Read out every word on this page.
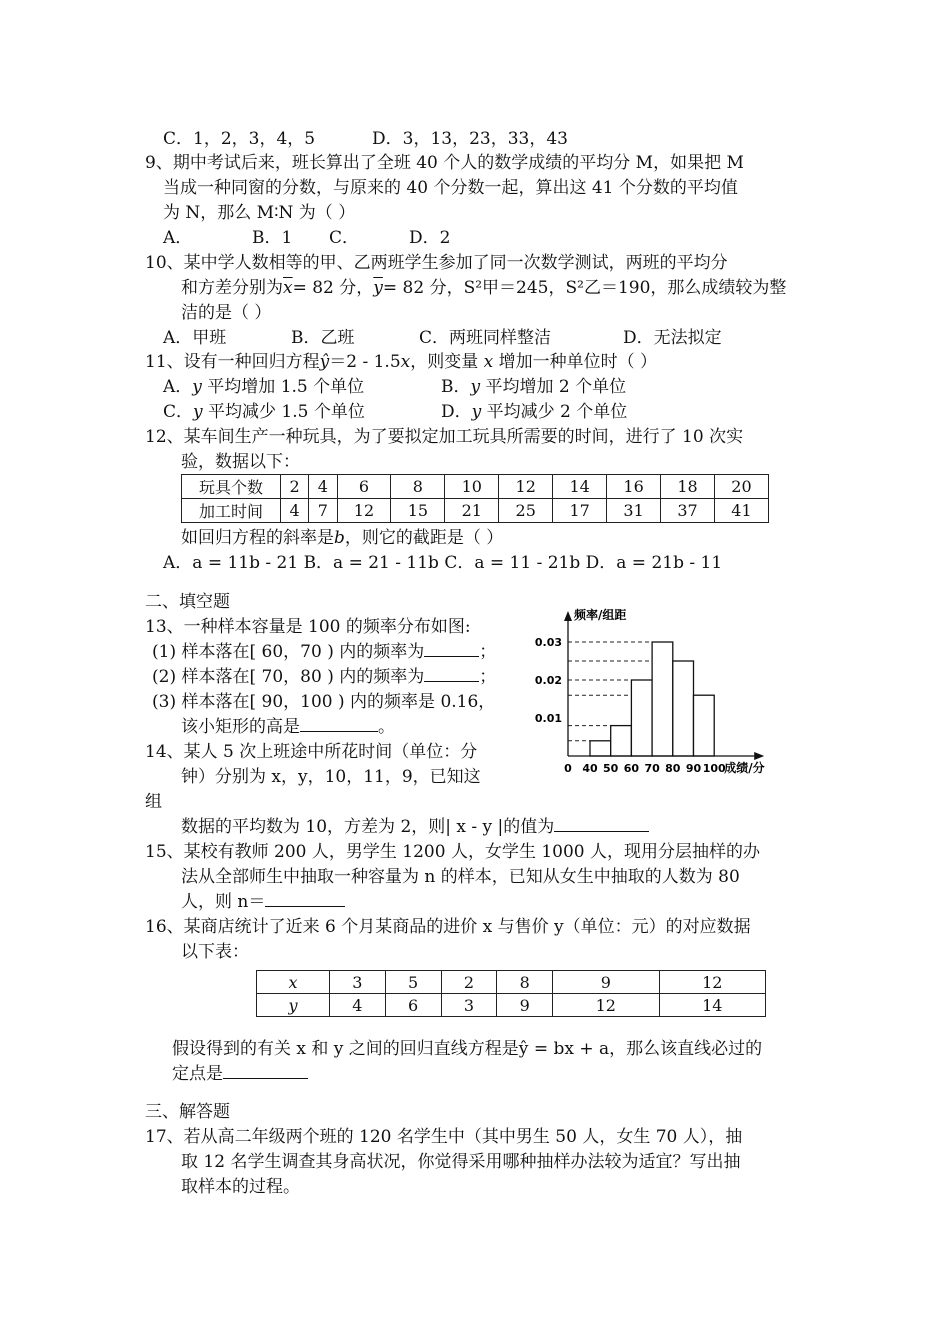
C．1，2，3，4，5	D．3，13，23，33，43
9、期中考试后来，班长算出了全班 40 个人的数学成绩的平均分 M，如果把 M
当成一种同窗的分数，与原来的 40 个分数一起，算出这 41 个分数的平均值
为 N，那么 M∶N 为（ ）
A．	B．1 C．	D．2
10、某中学人数相等的甲、乙两班学生参加了同一次数学测试，两班的平均分
和方差分别为$\overline{x}= 82$ 分，$\overline{y}= 82$ 分，S²甲＝245，S²乙＝190，那么成绩较为整
洁的是（ ）
A．甲班	B．乙班	C．两班同样整洁	D．无法拟定
11、设有一种回归方程ŷ＝2 - 1.5x，则变量 x 增加一种单位时（ ）
A．y 平均增加 1.5 个单位	B．y 平均增加 2 个单位
C．y 平均减少 1.5 个单位	D．y 平均减少 2 个单位
12、某车间生产一种玩具，为了要拟定加工玩具所需要的时间，进行了 10 次实
验，数据以下：
玩具个数	2	4	6	8	10	12	14	16	18	20
加工时间	4	7	12	15	21	25	17	31	37	41
如回归方程的斜率是b，则它的截距是（ ）
A．a = 11b - 21 B．a = 21 - 11b C．a = 11 - 21b D．a = 21b - 11
二、填空题
13、一种样本容量是 100 的频率分布如图:
(1) 样本落在[ 60，70 ) 内的频率为	；
(2) 样本落在[ 70，80 ) 内的频率为	；
(3) 样本落在[ 90，100 ) 内的频率是 0.16，
该小矩形的高是	。	0.01
0.02
0.03
0 40 50 60 70 80 90 100
频率/组距
成绩/分
14、某人 5 次上班途中所花时间（单位：分
钟）分别为 x，y，10，11，9，已知这
组
数据的平均数为 10，方差为 2，则| x - y |的值为
15、某校有教师 200 人，男学生 1200 人，女学生 1000 人，现用分层抽样的办
法从全部师生中抽取一种容量为 n 的样本，已知从女生中抽取的人数为 80
人，则 n＝
16、某商店统计了近来 6 个月某商品的进价 x 与售价 y（单位：元）的对应数据
以下表：
x	3	5	2	8	9	12
y	4	6	3	9	12	14
假设得到的有关 x 和 y 之间的回归直线方程是ŷ = bx + a，那么该直线必过的
定点是
三、解答题
17、若从高二年级两个班的 120 名学生中（其中男生 50 人，女生 70 人），抽
取 12 名学生调查其身高状况，你觉得采用哪种抽样办法较为适宜？写出抽
取样本的过程。
